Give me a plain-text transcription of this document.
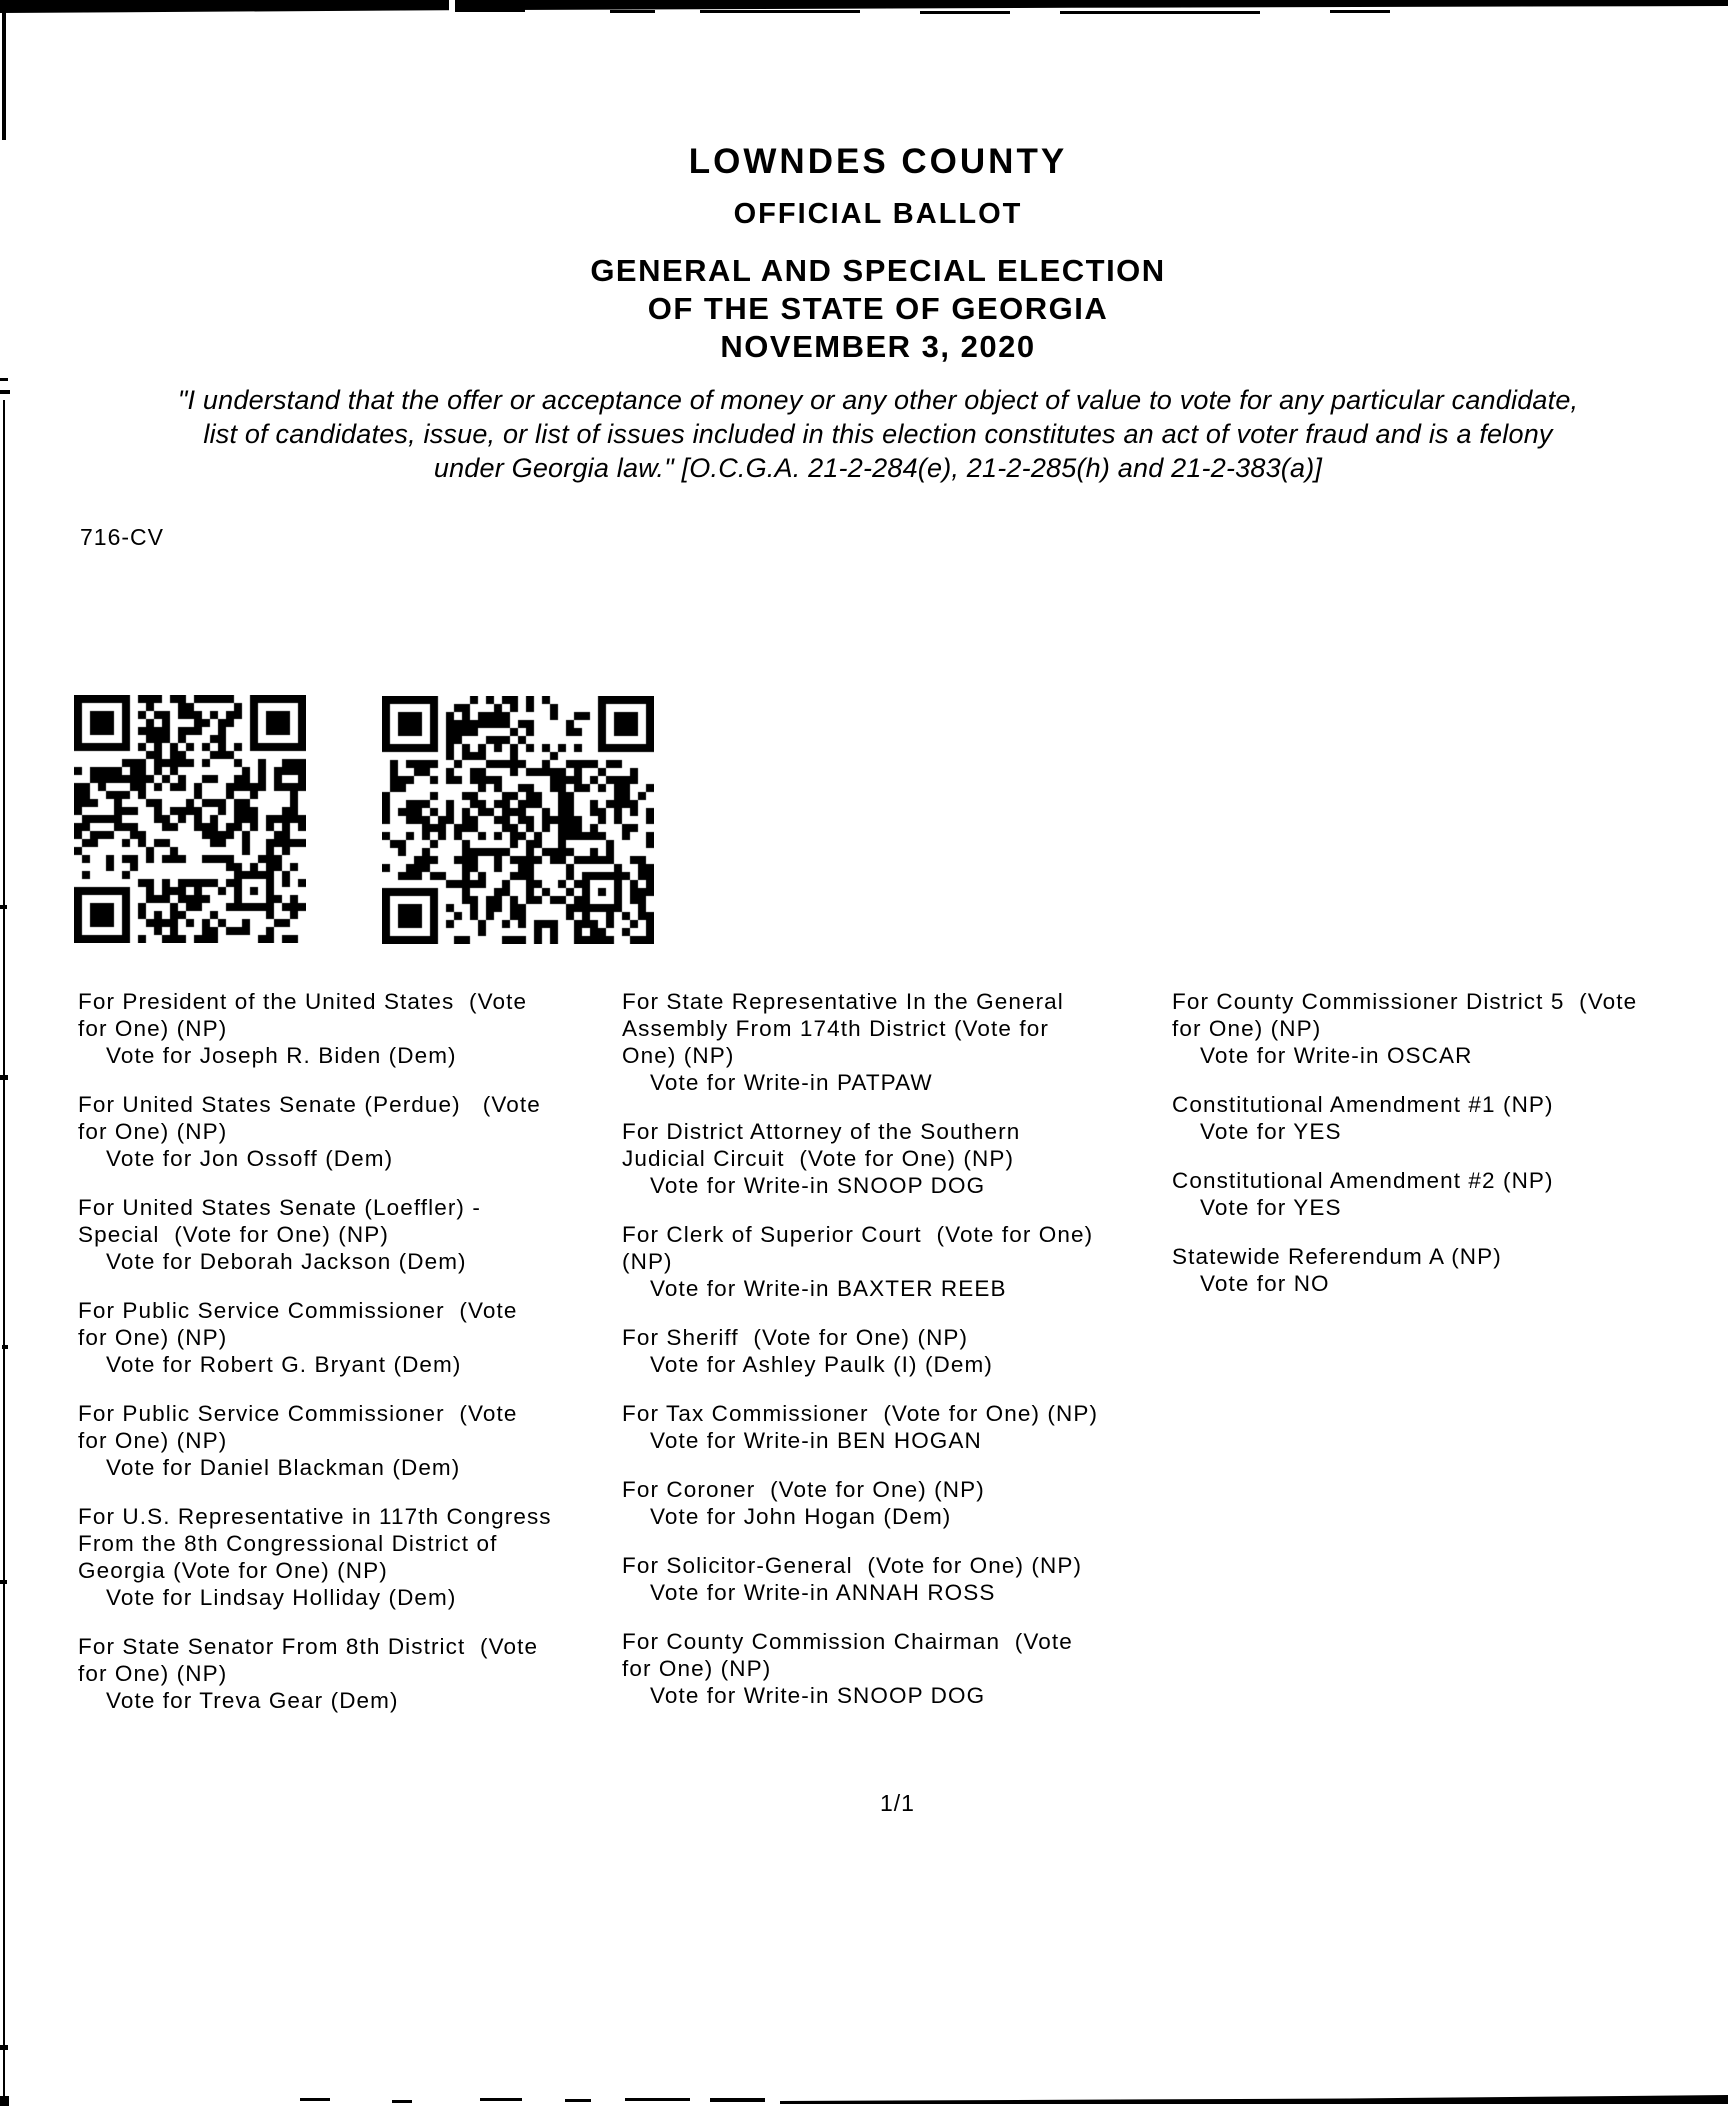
LOWNDES COUNTY
OFFICIAL BALLOT
GENERAL AND SPECIAL ELECTION
OF THE STATE OF GEORGIA
NOVEMBER 3, 2020
"I understand that the offer or acceptance of money or any other object of value to vote for any particular candidate,
list of candidates, issue, or list of issues included in this election constitutes an act of voter fraud and is a felony
under Georgia law." [O.C.G.A. 21-2-284(e), 21-2-285(h) and 21-2-383(a)]
716-CV
For President of the United States  (Vote
for One) (NP)
Vote for Joseph R. Biden (Dem)
For United States Senate (Perdue)   (Vote
for One) (NP)
Vote for Jon Ossoff (Dem)
For United States Senate (Loeffler) -
Special  (Vote for One) (NP)
Vote for Deborah Jackson (Dem)
For Public Service Commissioner  (Vote
for One) (NP)
Vote for Robert G. Bryant (Dem)
For Public Service Commissioner  (Vote
for One) (NP)
Vote for Daniel Blackman (Dem)
For U.S. Representative in 117th Congress
From the 8th Congressional District of
Georgia (Vote for One) (NP)
Vote for Lindsay Holliday (Dem)
For State Senator From 8th District  (Vote
for One) (NP)
Vote for Treva Gear (Dem)
For State Representative In the General
Assembly From 174th District (Vote for
One) (NP)
Vote for Write-in PATPAW
For District Attorney of the Southern
Judicial Circuit  (Vote for One) (NP)
Vote for Write-in SNOOP DOG
For Clerk of Superior Court  (Vote for One)
(NP)
Vote for Write-in BAXTER REEB
For Sheriff  (Vote for One) (NP)
Vote for Ashley Paulk (I) (Dem)
For Tax Commissioner  (Vote for One) (NP)
Vote for Write-in BEN HOGAN
For Coroner  (Vote for One) (NP)
Vote for John Hogan (Dem)
For Solicitor-General  (Vote for One) (NP)
Vote for Write-in ANNAH ROSS
For County Commission Chairman  (Vote
for One) (NP)
Vote for Write-in SNOOP DOG
For County Commissioner District 5  (Vote
for One) (NP)
Vote for Write-in OSCAR
Constitutional Amendment #1 (NP)
Vote for YES
Constitutional Amendment #2 (NP)
Vote for YES
Statewide Referendum A (NP)
Vote for NO
1/1
